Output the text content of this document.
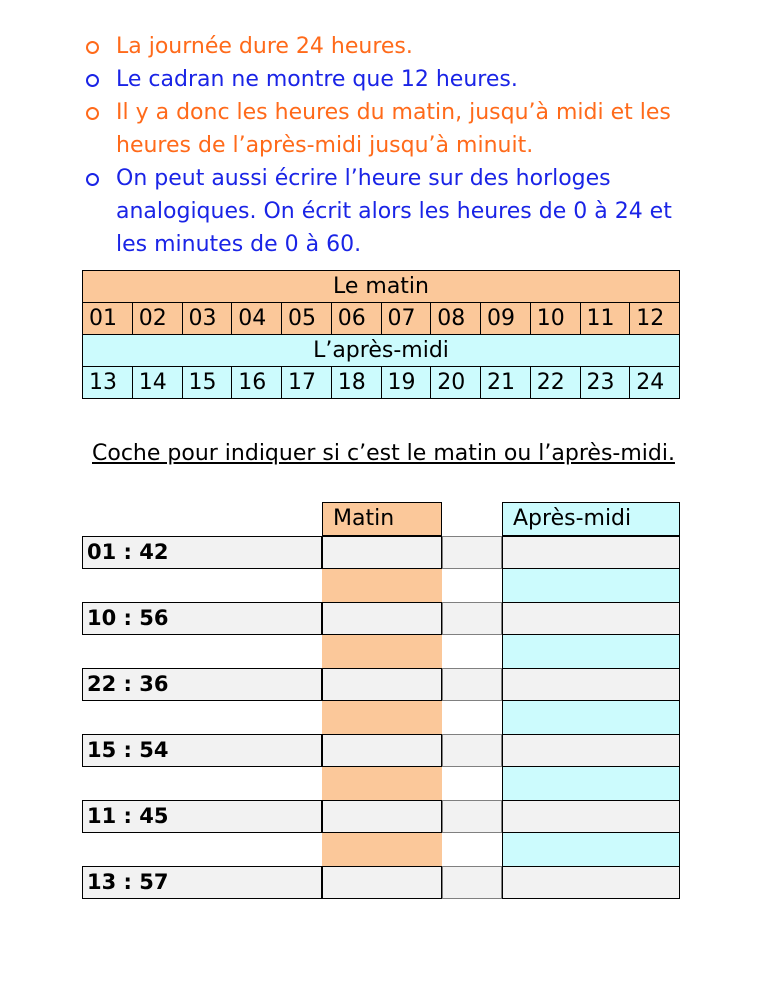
La journée dure 24 heures.
Le cadran ne montre que 12 heures.
Il y a donc les heures du matin, jusqu’à midi et les heures de l’après-midi jusqu’à minuit.
On peut aussi écrire l’heure sur des horloges analogiques. On écrit alors les heures de 0 à 24 et les minutes de 0 à 60.
Le matin											
01	02	03	04	05	06	07	08	09	10	11	12
L’après-midi											
13	14	15	16	17	18	19	20	21	22	23	24
Coche pour indiquer si c’est le matin ou l’après-midi.
Matin	Après-midi
01 : 42
10 : 56
22 : 36
15 : 54
11 : 45
13 : 57
